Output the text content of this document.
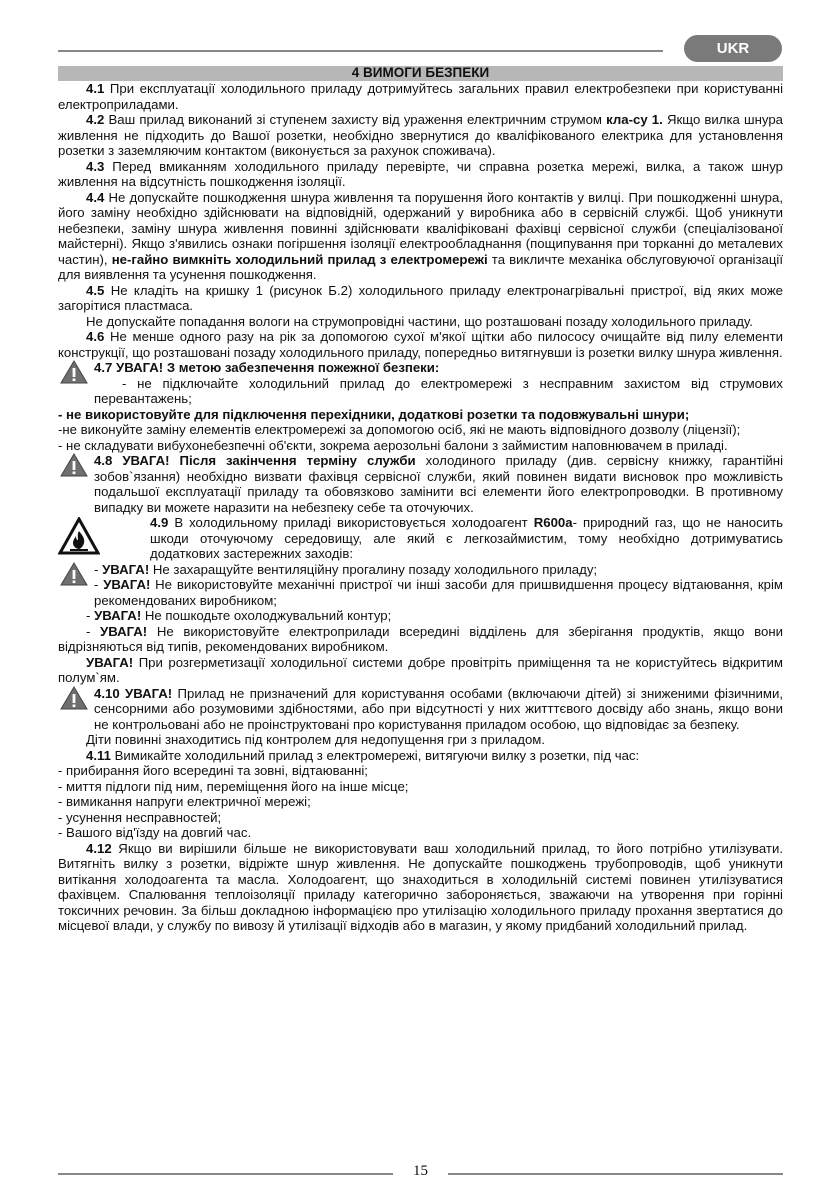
UKR
4 ВИМОГИ БЕЗПЕКИ

4.1 При експлуатації холодильного приладу дотримуйтесь загальних правил електробезпеки при користуванні електроприладами.

4.2 Ваш прилад виконаний зі ступенем захисту від ураження електричним струмом кла-су 1. Якщо вилка шнура живлення не підходить до Вашої розетки, необхідно звернутися до кваліфікованого електрика для установлення розетки з заземляючим контактом (виконується за рахунок споживача).

4.3 Перед вмиканням холодильного приладу перевірте, чи справна розетка мережі, вилка, а також шнур живлення на відсутність пошкодження ізоляції.

4.4 Не допускайте пошкодження шнура живлення та порушення його контактів у вилці. При пошкодженні шнура, його заміну необхідно здійснювати на відповідній, одержаний у виробника або в сервісній службі. Щоб уникнути небезпеки, заміну шнура живлення повинні здійснювати кваліфіковані фахівці сервісної служби (спеціалізованої майстерні). Якщо з'явились ознаки погіршення ізоляції електрообладнання (пощипування при торканні до металевих частин), не-гайно вимкніть холодильний прилад з електромережі та викличте механіка обслуговуючої організації для виявлення та усунення пошкодження.

4.5 Не кладіть на кришку 1 (рисунок Б.2) холодильного приладу електронагрівальні пристрої, від яких може загорітися пластмаса.

Не допускайте попадання вологи на струмопровідні частини, що розташовані позаду холодильного приладу.

4.6 Не менше одного разу на рік за допомогою сухої м'якої щітки або пилососу очищайте від пилу елементи конструкції, що розташовані позаду холодильного приладу, попередньо витягнувши із розетки вилку шнура живлення.

4.7 УВАГА! З метою забезпечення пожежної безпеки:

- не підключайте холодильний прилад до електромережі з несправним захистом від струмових перевантажень;

- не використовуйте для підключення перехідники, додаткові розетки та подовжувальні шнури;

-не виконуйте заміну елементів електромережі за допомогою осіб, які не мають відповідного дозволу (ліцензії);

- не складувати вибухонебезпечні об'єкти, зокрема аерозольні балони з займистим наповнювачем в приладі.

4.8 УВАГА! Після закінчення терміну служби холодиного приладу (див. сервісну книжку, гарантійні зобов`язання) необхідно визвати фахівця сервісної служби, який повинен видати висновок про можливість подальшої експлуатації приладу та обовязково замінити всі елементи його електропроводки. В противному випадку ви можете наразити на небезпеку себе та оточуючих.

4.9 В холодильному приладі використовується холодоагент R600a- природний газ, що не наносить шкоди оточуючому середовищу, але який є легкозаймистим, тому необхідно дотримуватись додаткових застережних заходів:

- УВАГА! Не захаращуйте вентиляційну прогалину позаду холодильного приладу;

- УВАГА! Не використовуйте механічні пристрої чи інші засоби для пришвидшення процесу відтаювання, крім рекомендованих виробником;

- УВАГА! Не пошкодьте охолоджувальний контур;

- УВАГА! Не використовуйте електроприлади всередині відділень для зберігання продуктів, якщо вони відрізняються від типів, рекомендованих виробником.

УВАГА! При розгерметизації холодильної системи добре провітріть приміщення та не користуйтесь відкритим полум`ям.

4.10 УВАГА! Прилад не призначений для користування особами (включаючи дітей) зі зниженими фізичними, сенсорними або розумовими здібностями, або при відсутності у них житттєвого досвіду або знань, якщо вони не контрольовані або не проінструктовані про користування приладом особою, що відповідає за безпеку.

Діти повинні знаходитись під контролем для недопущення гри з приладом.

4.11 Вимикайте холодильний прилад з електромережі, витягуючи вилку з розетки, під час:

- прибирання його всередині та зовні, відтаюванні;

- миття підлоги під ним, переміщення його на інше місце;

- вимикання напруги електричної мережі;

- усунення несправностей;

- Вашого від'їзду на довгий час.

4.12 Якщо ви вирішили більше не використовувати ваш холодильний прилад, то його потрібно утилізувати. Витягніть вилку з розетки, відріжте шнур живлення. Не допускайте пошкоджень трубопроводів, щоб уникнути витікання холодоагента та масла. Холодоагент, що знаходиться в холодильній системі повинен утилізуватися фахівцем. Спалювання теплоізоляції приладу категорично забороняється, зважаючи на утворення при горінні токсичних речовин. За більш докладною інформацією про утилізацію холодильного приладу прохання звертатися до місцевої влади, у службу по вивозу й утилізації відходів або в магазин, у якому придбаний холодильний прилад.

15
